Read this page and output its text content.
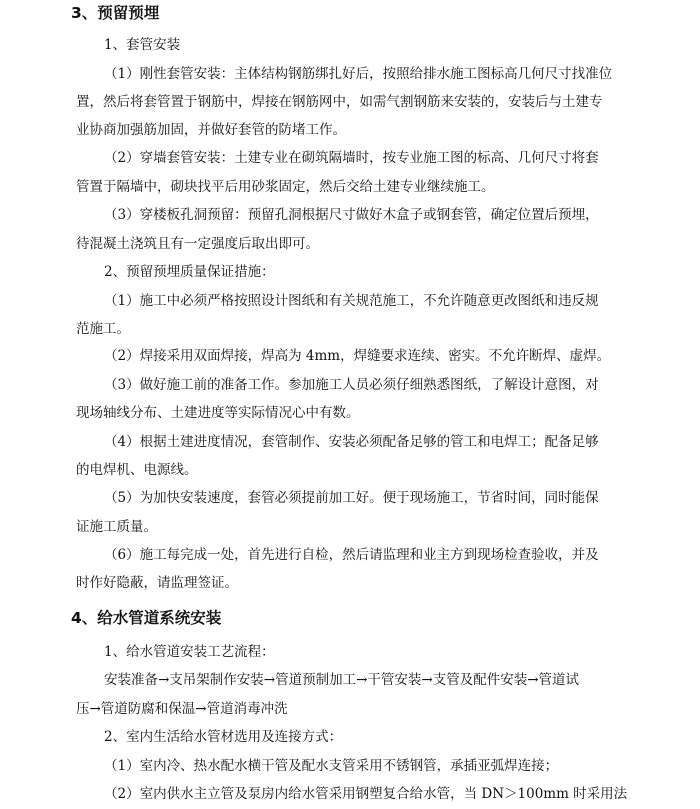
3、预留预埋

1、套管安装

（1）刚性套管安装：主体结构钢筋绑扎好后，按照给排水施工图标高几何尺寸找准位

置，然后将套管置于钢筋中，焊接在钢筋网中，如需气割钢筋来安装的，安装后与土建专

业协商加强筋加固，并做好套管的防堵工作。

（2）穿墙套管安装：土建专业在砌筑隔墙时，按专业施工图的标高、几何尺寸将套

管置于隔墙中，砌块找平后用砂浆固定，然后交给土建专业继续施工。

（3）穿楼板孔洞预留：预留孔洞根据尺寸做好木盒子或钢套管，确定位置后预埋，

待混凝土浇筑且有一定强度后取出即可。

2、预留预埋质量保证措施：

（1）施工中必须严格按照设计图纸和有关规范施工，不允许随意更改图纸和违反规

范施工。

（2）焊接采用双面焊接，焊高为 4mm，焊缝要求连续、密实。不允许断焊、虚焊。

（3）做好施工前的准备工作。参加施工人员必须仔细熟悉图纸，了解设计意图，对

现场轴线分布、土建进度等实际情况心中有数。

（4）根据土建进度情况，套管制作、安装必须配备足够的管工和电焊工；配备足够

的电焊机、电源线。

（5）为加快安装速度，套管必须提前加工好。便于现场施工，节省时间，同时能保

证施工质量。

（6）施工每完成一处，首先进行自检，然后请监理和业主方到现场检查验收，并及

时作好隐蔽，请监理签证。

4、给水管道系统安装

1、给水管道安装工艺流程：

安装准备→支吊架制作安装→管道预制加工→干管安装→支管及配件安装→管道试

压→管道防腐和保温→管道消毒冲洗

2、室内生活给水管材选用及连接方式：

（1）室内冷、热水配水横干管及配水支管采用不锈钢管，承插亚弧焊连接；

（2）室内供水主立管及泵房内给水管采用钢塑复合给水管，当 DN＞100mm 时采用法
